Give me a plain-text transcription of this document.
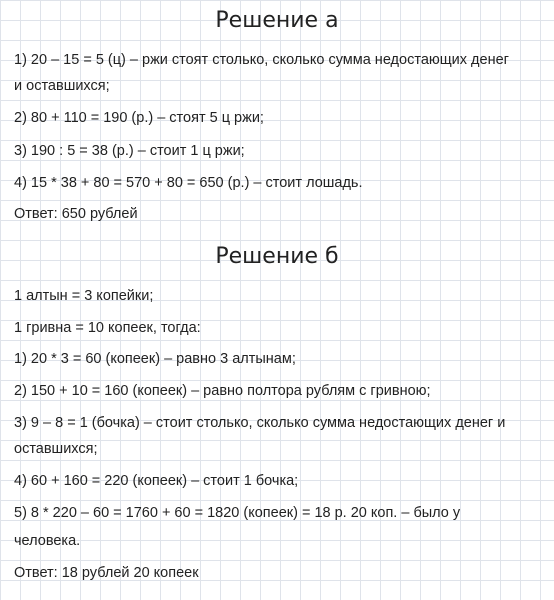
Решение а
1) 20 – 15 = 5 (ц) – ржи стоят столько, сколько сумма недостающих денег
и оставшихся;
2) 80 + 110 = 190 (р.) – стоят 5 ц ржи;
3) 190 : 5 = 38 (р.) – стоит 1 ц ржи;
4) 15 * 38 + 80 = 570 + 80 = 650 (р.) – стоит лошадь.
Ответ: 650 рублей
Решение б
1 алтын = 3 копейки;
1 гривна = 10 копеек, тогда:
1) 20 * 3 = 60 (копеек) – равно 3 алтынам;
2) 150 + 10 = 160 (копеек) – равно полтора рублям с гривною;
3) 9 – 8 = 1 (бочка) – стоит столько, сколько сумма недостающих денег и
оставшихся;
4) 60 + 160 = 220 (копеек) – стоит 1 бочка;
5) 8 * 220 – 60 = 1760 + 60 = 1820 (копеек) = 18 р. 20 коп. – было у
человека.
Ответ: 18 рублей 20 копеек
